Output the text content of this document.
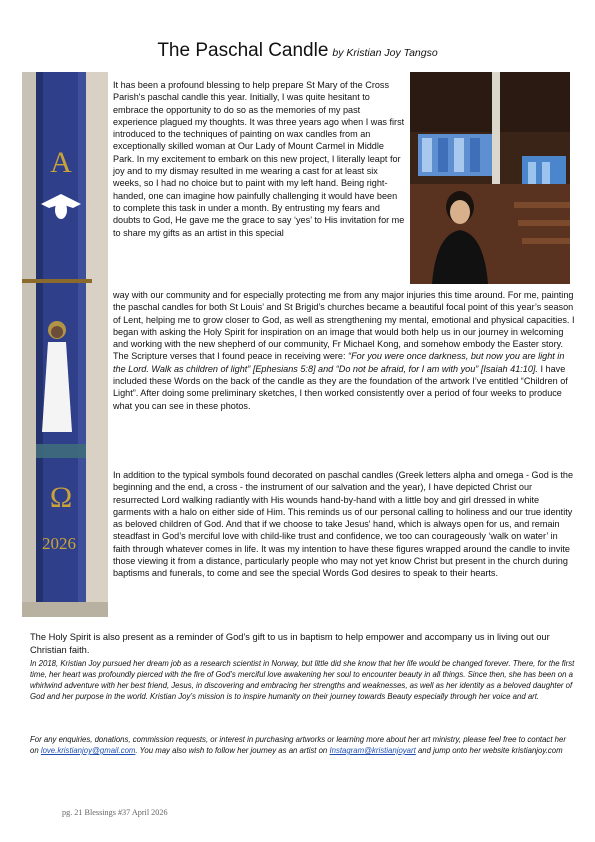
The Paschal Candle by Kristian Joy Tangso
Α
Ω
2026

It has been a profound blessing to help prepare St Mary of the Cross Parish's paschal candle this year. Initially, I was quite hesitant to embrace the opportunity to do so as the memories of my past experience plagued my thoughts. It was three years ago when I was first introduced to the techniques of painting on wax candles from an exceptionally skilled woman at Our Lady of Mount Carmel in Middle Park. In my excitement to embark on this new project, I literally leapt for joy and to my dismay resulted in me wearing a cast for at least six weeks, so I had no choice but to paint with my left hand. Being right-handed, one can imagine how painfully challenging it would have been to complete this task in under a month. By entrusting my fears and doubts to God, He gave me the grace to say ‘yes’ to His invitation for me to share my gifts as an artist in this special

way with our community and for especially protecting me from any major injuries this time around. For me, painting the paschal candles for both St Louis’ and St Brigid’s churches became a beautiful focal point of this year’s season of Lent, helping me to grow closer to God, as well as strengthening my mental, emotional and physical capacities. I began with asking the Holy Spirit for inspiration on an image that would both help us in our journey in welcoming and working with the new shepherd of our community, Fr Michael Kong, and somehow embody the Easter story. The Scripture verses that I found peace in receiving were: “For you were once darkness, but now you are light in the Lord. Walk as children of light” [Ephesians 5:8] and “Do not be afraid, for I am with you” [Isaiah 41:10]. I have included these Words on the back of the candle as they are the foundation of the artwork I’ve entitled “Children of Light”. After doing some preliminary sketches, I then worked consistently over a period of four weeks to produce what you can see in these photos.

In addition to the typical symbols found decorated on paschal candles (Greek letters alpha and omega - God is the beginning and the end, a cross - the instrument of our salvation and the year), I have depicted Christ our resurrected Lord walking radiantly with His wounds hand-by-hand with a little boy and girl dressed in white garments with a halo on either side of Him. This reminds us of our personal calling to holiness and our true identity as beloved children of God. And that if we choose to take Jesus' hand, which is always open for us, and remain steadfast in God’s merciful love with child-like trust and confidence, we too can courageously ‘walk on water’ in faith through whatever comes in life. It was my intention to have these figures wrapped around the candle to invite those viewing it from a distance, particularly people who may not yet know Christ but present in the church during baptisms and funerals, to come and see the special Words God desires to speak to their hearts.

The Holy Spirit is also present as a reminder of God’s gift to us in baptism to help empower and accompany us in living out our Christian faith.

In 2018, Kristian Joy pursued her dream job as a research scientist in Norway, but little did she know that her life would be changed forever. There, for the first time, her heart was profoundly pierced with the fire of God’s merciful love awakening her soul to encounter beauty in all things. Since then, she has been on a whirlwind adventure with her best friend, Jesus, in discovering and embracing her strengths and weaknesses, as well as her identity as a beloved daughter of God and her purpose in the world. Kristian Joy’s mission is to inspire humanity on their journey towards Beauty especially through her voice and art.

For any enquiries, donations, commission requests, or interest in purchasing artworks or learning more about her art ministry, please feel free to contact her on love.kristianjoy@gmail.com. You may also wish to follow her journey as an artist on Instagram@kristianjoyart and jump onto her website kristianjoy.com

pg. 21 Blessings #37 April 2026
